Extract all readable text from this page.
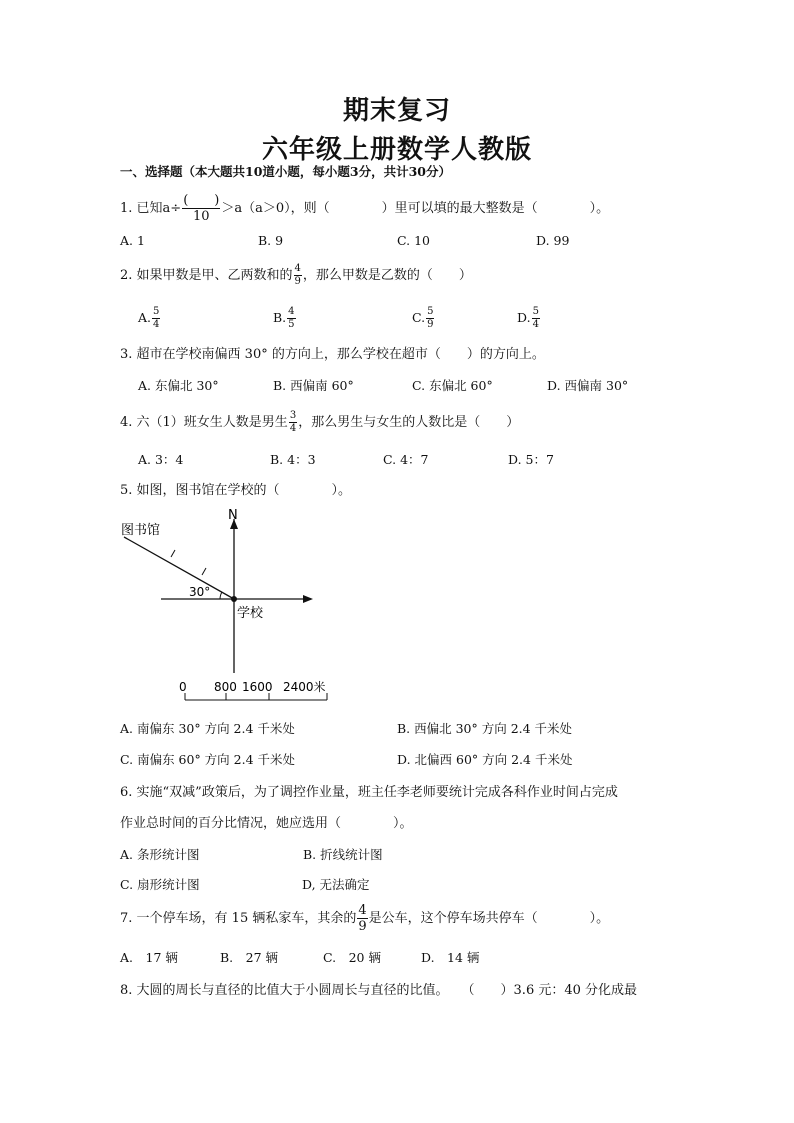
期末复习
六年级上册数学人教版
一、选择题（本大题共10道小题，每小题3分，共计30分）
1. 已知$a\div \frac{( )}{10} >a(a>0)$，则（　　　　）里可以填的最大整数是（　　　　）。
A. 1	B. 9	C. 10	D. 99
2. 如果甲数是甲、乙两数和的 $\frac{4}{9}$ ，那么甲数是乙数的（　　）
A. $\frac{5}{4}$	B. $\frac{4}{5}$	C. $\frac{5}{9}$	D. $\frac{5}{4}$
3. 超市在学校南偏西 30° 的方向上，那么学校在超市（　　）的方向上。
A. 东偏北 30°	B. 西偏南 60°	C. 东偏北 60°	D. 西偏南 30°
4. 六（1）班女生人数是男生 $\frac{3}{4}$ ，那么男生与女生的人数比是（　　）
A. 3：4	B. 4：3	C. 4：7	D. 5：7
5. 如图，图书馆在学校的（　　　　）。
N
30°
学校
图书馆
0 800 1600 2400米
A. 南偏东 30° 方向 2.4 千米处	B. 西偏北 30° 方向 2.4 千米处
C. 南偏东 60° 方向 2.4 千米处	D. 北偏西 60° 方向 2.4 千米处
6. 实施“双减”政策后，为了调控作业量，班主任李老师要统计完成各科作业时间占完成
作业总时间的百分比情况，她应选用（　　　　）。
A. 条形统计图	B. 折线统计图
C. 扇形统计图	D, 无法确定
7. 一个停车场，有 15 辆私家车，其余的 $\frac{4}{9}$ 是公车，这个停车场共停车（　　　　）。
A.　17 辆	B.　27 辆	C.　20 辆	D.　14 辆
8. 大圆的周长与直径的比值大于小圆周长与直径的比值。　　（　　）3.6 元：40 分化成最
